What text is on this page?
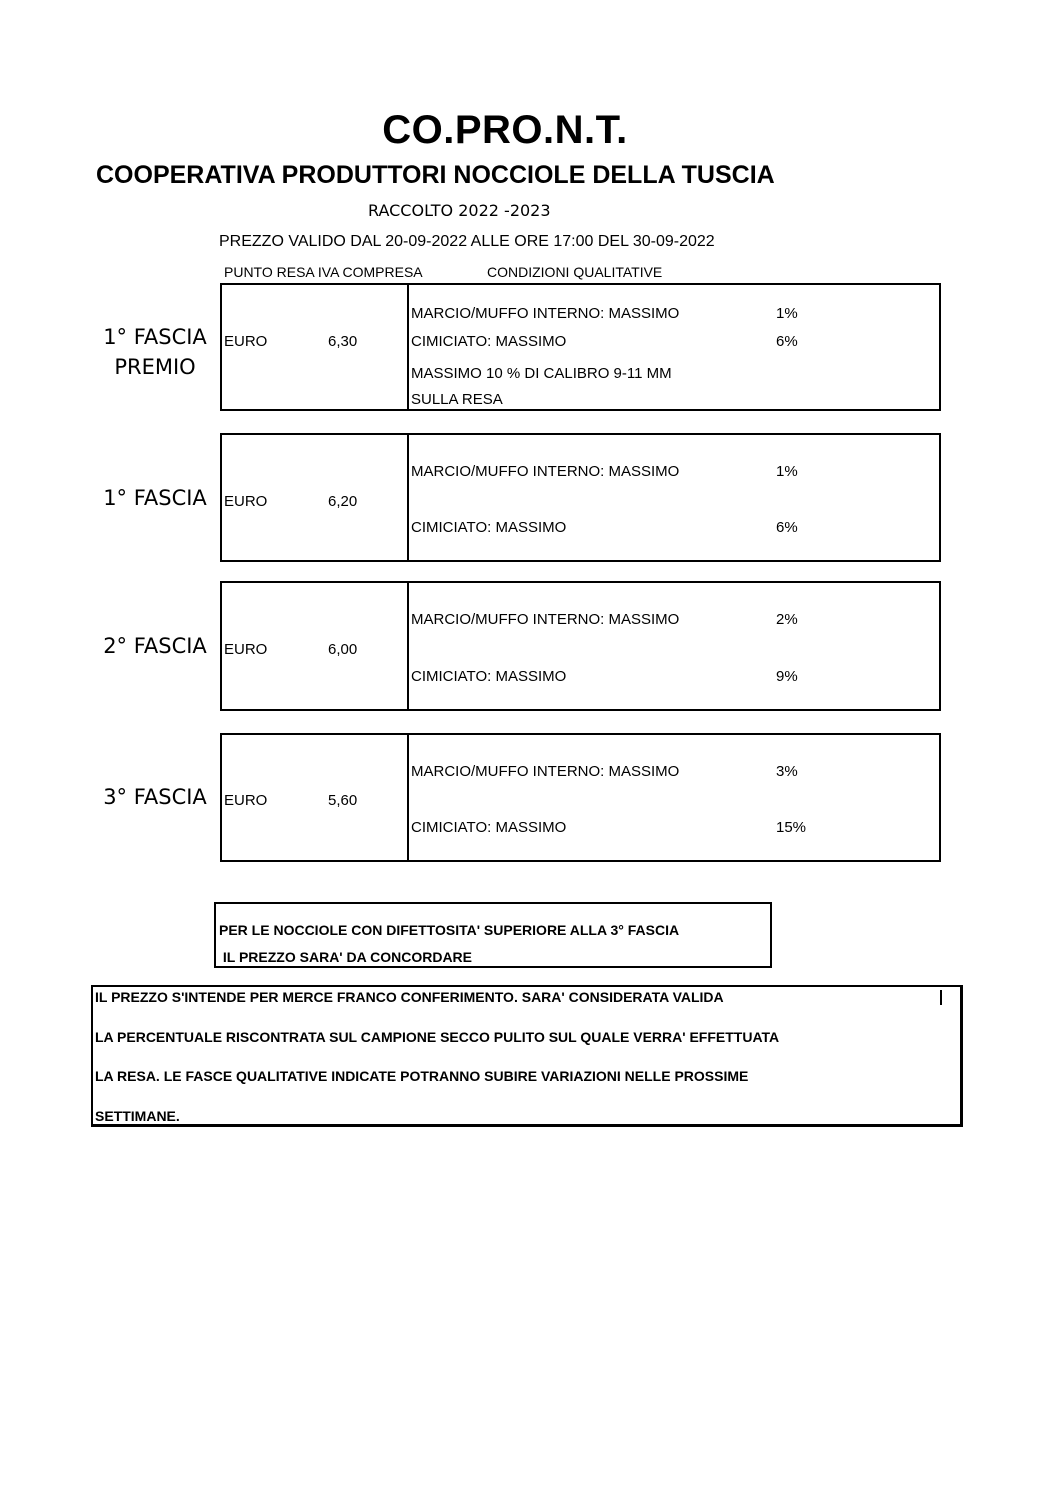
CO.PRO.N.T.
COOPERATIVA PRODUTTORI NOCCIOLE DELLA TUSCIA
RACCOLTO 2022 -2023
PREZZO VALIDO DAL 20-09-2022 ALLE ORE 17:00 DEL 30-09-2022
PUNTO RESA IVA COMPRESA	CONDIZIONI QUALITATIVE
1° FASCIA
PREMIO
EURO	6,30
MARCIO/MUFFO INTERNO: MASSIMO	1%
CIMICIATO: MASSIMO	6%
MASSIMO 10 % DI CALIBRO 9-11 MM
SULLA RESA
1° FASCIA	EURO	6,20
MARCIO/MUFFO INTERNO: MASSIMO	1%
CIMICIATO: MASSIMO	6%
2° FASCIA	EURO	6,00
MARCIO/MUFFO INTERNO: MASSIMO	2%
CIMICIATO: MASSIMO	9%
3° FASCIA	EURO	5,60
MARCIO/MUFFO INTERNO: MASSIMO	3%
CIMICIATO: MASSIMO	15%
PER LE NOCCIOLE CON DIFETTOSITA' SUPERIORE ALLA 3° FASCIA
IL PREZZO SARA' DA CONCORDARE
IL PREZZO S'INTENDE PER MERCE FRANCO CONFERIMENTO. SARA' CONSIDERATA VALIDA
LA PERCENTUALE RISCONTRATA SUL CAMPIONE SECCO PULITO SUL QUALE VERRA' EFFETTUATA
LA RESA. LE FASCE QUALITATIVE INDICATE POTRANNO SUBIRE VARIAZIONI NELLE PROSSIME
SETTIMANE.
